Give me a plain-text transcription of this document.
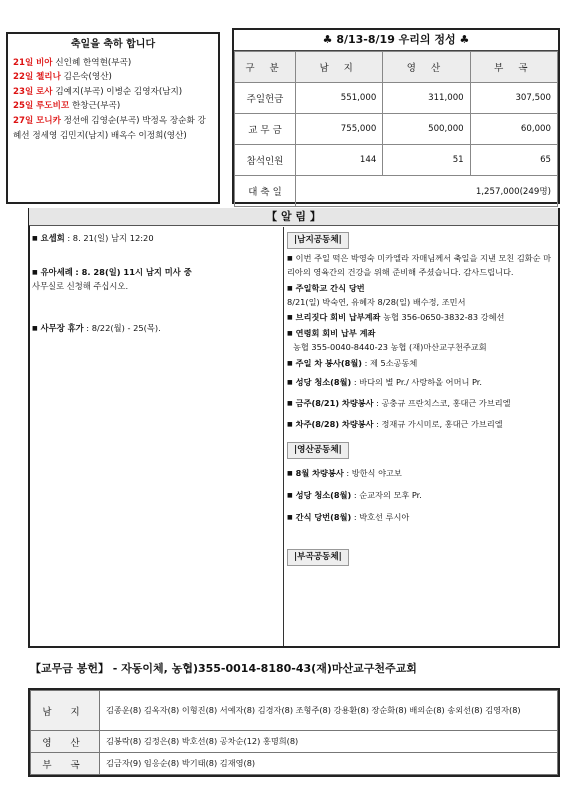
축일을 축하 합니다
21일 비아 신인혜 한역현(부곡)
22일 첼리나 김은숙(영산)
23일 로사 김예지(부곡) 이병순 김영자(남지)
25일 루도비꼬 한창근(부곡)
27일 모니카 정선애 김영순(부곡) 박정옥 장순화 강혜선 정세영 김민지(남지) 배옥수 이정희(영산)
♣ 8/13-8/19 우리의 정성 ♣
구 분	남 지	영 산	부 곡
주일헌금	551,000	311,000	307,500
교 무 금	755,000	500,000	60,000
참석인원	144	51	65
대 축 일	1,257,000(249명)		
【 알 림 】
■ 요셉회 : 8. 21(일) 남지 12:20
■ 유아세례 : 8. 28(일) 11시 남지 미사 중
사무실로 신청해 주십시오.
■ 사무장 휴가 : 8/22(월) - 25(목).
|남지공동체|
■ 이번 주일 떡은 박영숙 미카엘라 자매님께서 축일을 지낸 모친 김화순 마리아의 영육간의 건강을 위해 준비해 주셨습니다. 감사드립니다.
■ 주일학교 간식 당번
8/21(일) 박숙연, 유혜자 8/28(일) 배수정, 조민서
■ 브리짓다 회비 납부계좌 농협 356-0650-3832-83 강혜선
■ 연령회 회비 납부 계좌
농협 355-0040-8440-23 농협 (재)마산교구천주교회
■ 주일 차 봉사(8월) : 제 5소공동체
■ 성당 청소(8월) : 바다의 별 Pr./ 사랑하올 어머니 Pr.
■ 금주(8/21) 차량봉사 : 공충규 프란치스코, 홍대근 가브리엘
■ 차주(8/28) 차량봉사 : 정재규 가시미로, 홍대근 가브리엘
|영산공동체|
■ 8월 차량봉사 : 방한식 야고보
■ 성당 청소(8월) : 순교자의 모후 Pr.
■ 간식 당번(8월) : 박호선 루시아
|부곡공동체|
【교무금 봉헌】 - 자동이체, 농협)355-0014-8180-43(재)마산교구천주교회
남 지	김종운(8) 김옥자(8) 이형진(8) 서예자(8) 김경자(8) 조형주(8) 강용환(8) 장순화(8) 배의순(8) 송외선(8) 김영자(8)
영 산	김봉락(8) 김정은(8) 박호선(8) 공차순(12) 홍명희(8)
부 곡	김금자(9) 임응순(8) 박기태(8) 김재영(8)
